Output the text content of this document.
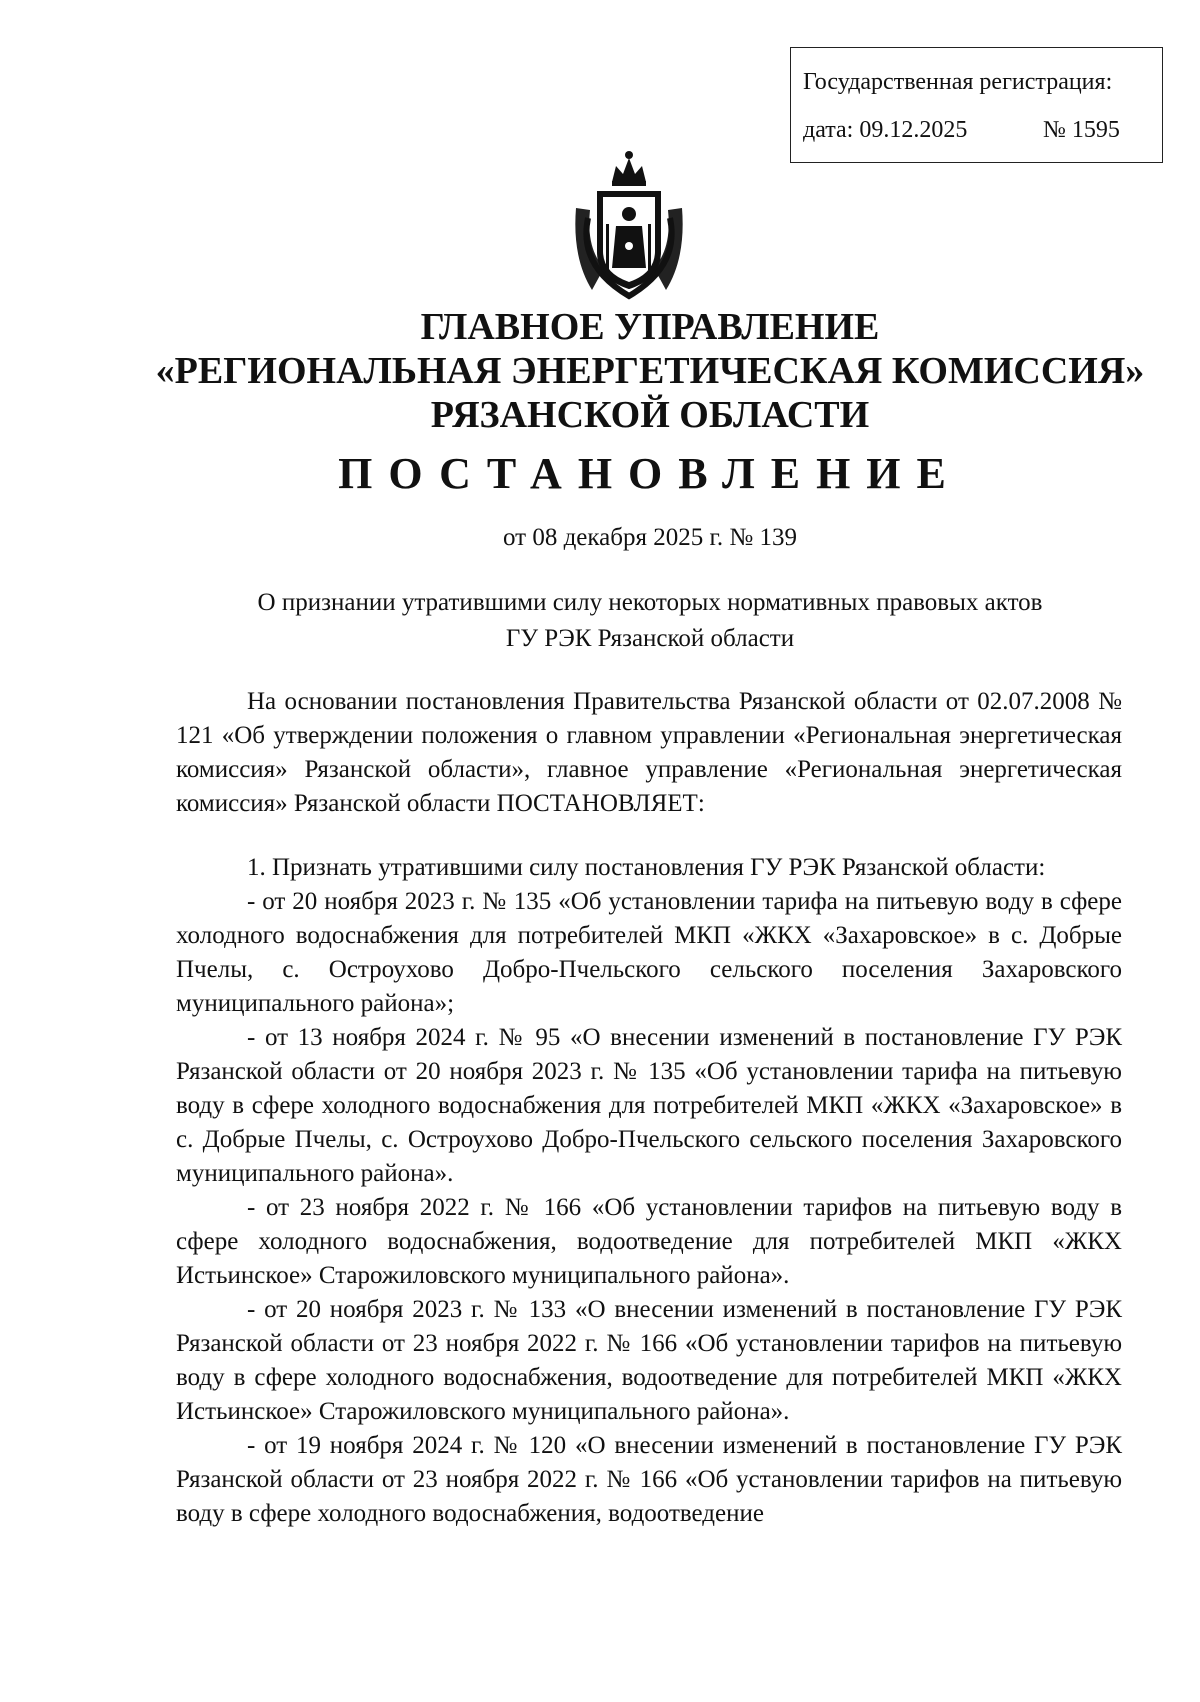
Государственная регистрация:
дата: 09.12.2025	№ 1595
ГЛАВНОЕ УПРАВЛЕНИЕ
«РЕГИОНАЛЬНАЯ ЭНЕРГЕТИЧЕСКАЯ КОМИССИЯ»
РЯЗАНСКОЙ ОБЛАСТИ
ПОСТАНОВЛЕНИЕ
от 08 декабря 2025 г. № 139
О признании утратившими силу некоторых нормативных правовых актов
ГУ РЭК Рязанской области

На основании постановления Правительства Рязанской области от 02.07.2008 № 121 «Об утверждении положения о главном управлении «Региональная энергетическая комиссия» Рязанской области», главное управление «Региональная энергетическая комиссия» Рязанской области ПОСТАНОВЛЯЕТ:

1. Признать утратившими силу постановления ГУ РЭК Рязанской области:

- от 20 ноября 2023 г. № 135 «Об установлении тарифа на питьевую воду в сфере холодного водоснабжения для потребителей МКП «ЖКХ «Захаровское» в с. Добрые Пчелы, с. Остроухово Добро-Пчельского сельского поселения Захаровского муниципального района»;

- от 13 ноября 2024 г. № 95 «О внесении изменений в постановление ГУ РЭК Рязанской области от 20 ноября 2023 г. № 135 «Об установлении тарифа на питьевую воду в сфере холодного водоснабжения для потребителей МКП «ЖКХ «Захаровское» в с. Добрые Пчелы, с. Остроухово Добро-Пчельского сельского поселения Захаровского муниципального района».

- от 23 ноября 2022 г. № 166 «Об установлении тарифов на питьевую воду в сфере холодного водоснабжения, водоотведение для потребителей МКП «ЖКХ Истьинское» Старожиловского муниципального района».

- от 20 ноября 2023 г. № 133 «О внесении изменений в постановление ГУ РЭК Рязанской области от 23 ноября 2022 г. № 166 «Об установлении тарифов на питьевую воду в сфере холодного водоснабжения, водоотведение для потребителей МКП «ЖКХ Истьинское» Старожиловского муниципального района».

- от 19 ноября 2024 г. № 120 «О внесении изменений в постановление ГУ РЭК Рязанской области от 23 ноября 2022 г. № 166 «Об установлении тарифов на питьевую воду в сфере холодного водоснабжения, водоотведение
